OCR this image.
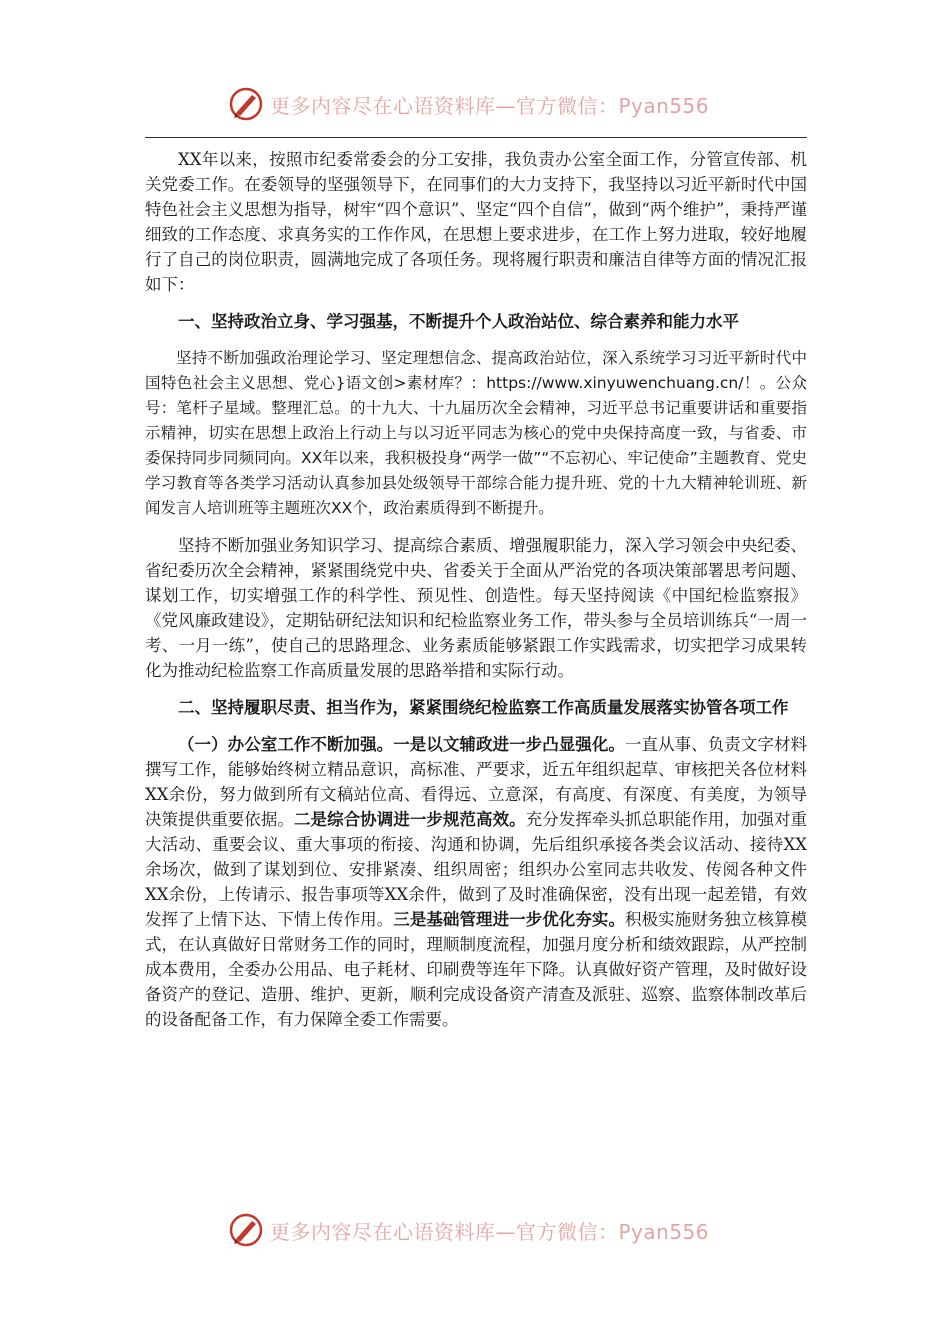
更多内容尽在心语资料库—官方微信：Pyan556

XX年以来，按照市纪委常委会的分工安排，我负责办公室全面工作，分管宣传部、机关党委工作。在委领导的坚强领导下，在同事们的大力支持下，我坚持以习近平新时代中国特色社会主义思想为指导，树牢“四个意识”、坚定“四个自信”，做到“两个维护”，秉持严谨细致的工作态度、求真务实的工作作风，在思想上要求进步，在工作上努力进取，较好地履行了自己的岗位职责，圆满地完成了各项任务。现将履行职责和廉洁自律等方面的情况汇报如下：

一、坚持政治立身、学习强基，不断提升个人政治站位、综合素养和能力水平

坚持不断加强政治理论学习、坚定理想信念、提高政治站位，深入系统学习习近平新时代中国特色社会主义思想、党心}语文创>素材库？：https://www.xinyuwenchuang.cn/！。公众号：笔杆子星域。整理汇总。的十九大、十九届历次全会精神，习近平总书记重要讲话和重要指示精神，切实在思想上政治上行动上与以习近平同志为核心的党中央保持高度一致，与省委、市委保持同步同频同向。XX年以来，我积极投身“两学一做”“不忘初心、牢记使命”主题教育、党史学习教育等各类学习活动认真参加县处级领导干部综合能力提升班、党的十九大精神轮训班、新闻发言人培训班等主题班次XX个，政治素质得到不断提升。

坚持不断加强业务知识学习、提高综合素质、增强履职能力，深入学习领会中央纪委、省纪委历次全会精神，紧紧围绕党中央、省委关于全面从严治党的各项决策部署思考问题、谋划工作，切实增强工作的科学性、预见性、创造性。每天坚持阅读《中国纪检监察报》《党风廉政建设》，定期钻研纪法知识和纪检监察业务工作，带头参与全员培训练兵“一周一考、一月一练”，使自己的思路理念、业务素质能够紧跟工作实践需求，切实把学习成果转化为推动纪检监察工作高质量发展的思路举措和实际行动。

二、坚持履职尽责、担当作为，紧紧围绕纪检监察工作高质量发展落实协管各项工作

（一）办公室工作不断加强。一是以文辅政进一步凸显强化。一直从事、负责文字材料撰写工作，能够始终树立精品意识，高标准、严要求，近五年组织起草、审核把关各位材料XX余份，努力做到所有文稿站位高、看得远、立意深，有高度、有深度、有美度，为领导决策提供重要依据。二是综合协调进一步规范高效。充分发挥牵头抓总职能作用，加强对重大活动、重要会议、重大事项的衔接、沟通和协调，先后组织承接各类会议活动、接待XX余场次，做到了谋划到位、安排紧凑、组织周密；组织办公室同志共收发、传阅各种文件XX余份，上传请示、报告事项等XX余件，做到了及时准确保密，没有出现一起差错，有效发挥了上情下达、下情上传作用。三是基础管理进一步优化夯实。积极实施财务独立核算模式，在认真做好日常财务工作的同时，理顺制度流程，加强月度分析和绩效跟踪，从严控制成本费用，全委办公用品、电子耗材、印刷费等连年下降。认真做好资产管理，及时做好设备资产的登记、造册、维护、更新，顺利完成设备资产清查及派驻、巡察、监察体制改革后的设备配备工作，有力保障全委工作需要。

更多内容尽在心语资料库—官方微信：Pyan556
